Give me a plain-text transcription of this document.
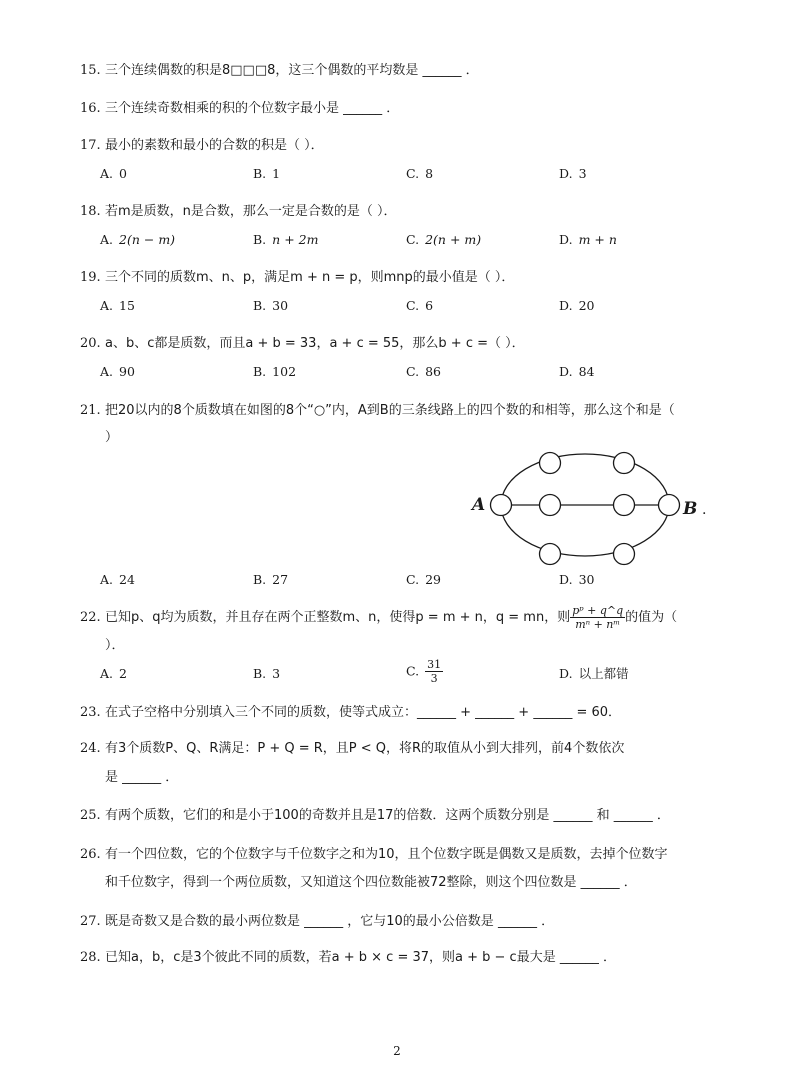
15. 三个连续偶数的积是8□□□8，这三个偶数的平均数是 ______ ．
16. 三个连续奇数相乘的积的个位数字最小是 ______ ．
17. 最小的素数和最小的合数的积是（ ）．
A. 0	B. 1	C. 8	D. 3
18. 若m是质数，n是合数，那么一定是合数的是（ ）．
A. 2(n − m)	B. n + 2m	C. 2(n + m)	D. m + n
19. 三个不同的质数m、n、p，满足m + n = p，则mnp的最小值是（ ）．
A. 15	B. 30	C. 6	D. 20
20. a、b、c都是质数，而且a + b = 33，a + c = 55，那么b + c =（ ）．
A. 90	B. 102	C. 86	D. 84
21. 把20以内的8个质数填在如图的8个“○”内，A到B的三条线路上的四个数的和相等，那么这个和是（
）
A	B .
A. 24	B. 27	C. 29	D. 30
22. 已知p、q均为质数，并且存在两个正整数m、n，使得p = m + n，q = mn，则 $\frac{\text{pᵖ + q\textasciicircum{}q}}{\text{mⁿ + nᵐ}}$ 的值为（
）．
A. 2	B. 3	C. $\frac{31}{3}$	D. 以上都错
23. 在式子空格中分别填入三个不同的质数，使等式成立：______ + ______ + ______ = 60．
24. 有3个质数P、Q、R满足：P + Q = R，且P < Q，将R的取值从小到大排列，前4个数依次
是 ______ ．
25. 有两个质数，它们的和是小于100的奇数并且是17的倍数．这两个质数分别是 ______ 和 ______ ．
26. 有一个四位数，它的个位数字与千位数字之和为10，且个位数字既是偶数又是质数，去掉个位数字
和千位数字，得到一个两位质数，又知道这个四位数能被72整除，则这个四位数是 ______ ．
27. 既是奇数又是合数的最小两位数是 ______ ，它与10的最小公倍数是 ______ ．
28. 已知a，b，c是3个彼此不同的质数，若a + b × c = 37，则a + b − c最大是 ______ ．
2
